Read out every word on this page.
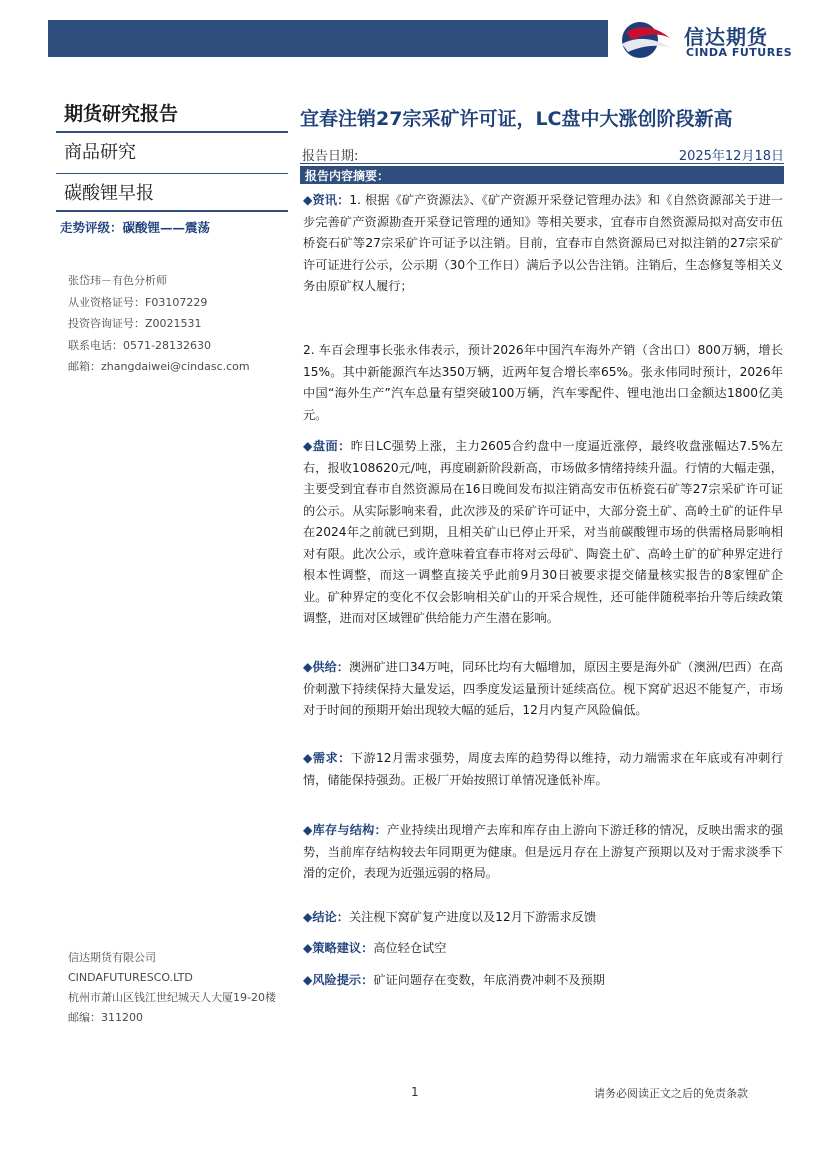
信达期货
CINDA FUTURES
期货研究报告
商品研究
碳酸锂早报
走势评级：碳酸锂——震荡
张岱玮－有色分析师
从业资格证号：F03107229
投资咨询证号：Z0021531
联系电话：0571-28132630
邮箱：zhangdaiwei@cindasc.com
信达期货有限公司
CINDAFUTURESCO.LTD
杭州市萧山区钱江世纪城天人大厦19-20楼
邮编：311200
宜春注销27宗采矿许可证，LC盘中大涨创阶段新高
报告日期:	2025年12月18日
报告内容摘要：

◆资讯：1. 根据《矿产资源法》、《矿产资源开采登记管理办法》和《自然资源部关于进一步完善矿产资源勘查开采登记管理的通知》等相关要求，宜春市自然资源局拟对高安市伍桥瓷石矿等27宗采矿许可证予以注销。目前，宜春市自然资源局已对拟注销的27宗采矿许可证进行公示，公示期（30个工作日）满后予以公告注销。注销后，生态修复等相关义务由原矿权人履行；

2. 车百会理事长张永伟表示，预计2026年中国汽车海外产销（含出口）800万辆，增长15%。其中新能源汽车达350万辆，近两年复合增长率65%。张永伟同时预计，2026年中国“海外生产”汽车总量有望突破100万辆，汽车零配件、锂电池出口金额达1800亿美元。

◆盘面：昨日LC强势上涨，主力2605合约盘中一度逼近涨停，最终收盘涨幅达7.5%左右，报收108620元/吨，再度刷新阶段新高，市场做多情绪持续升温。行情的大幅走强，主要受到宜春市自然资源局在16日晚间发布拟注销高安市伍桥瓷石矿等27宗采矿许可证的公示。从实际影响来看，此次涉及的采矿许可证中，大部分瓷土矿、高岭土矿的证件早在2024年之前就已到期，且相关矿山已停止开采，对当前碳酸锂市场的供需格局影响相对有限。此次公示，或许意味着宜春市将对云母矿、陶瓷土矿、高岭土矿的矿种界定进行根本性调整，而这一调整直接关乎此前9月30日被要求提交储量核实报告的8家锂矿企业。矿种界定的变化不仅会影响相关矿山的开采合规性，还可能伴随税率抬升等后续政策调整，进而对区域锂矿供给能力产生潜在影响。

◆供给：澳洲矿进口34万吨，同环比均有大幅增加，原因主要是海外矿（澳洲/巴西）在高价刺激下持续保持大量发运，四季度发运量预计延续高位。枧下窝矿迟迟不能复产，市场对于时间的预期开始出现较大幅的延后，12月内复产风险偏低。

◆需求：下游12月需求强势，周度去库的趋势得以维持，动力端需求在年底或有冲刺行情，储能保持强劲。正极厂开始按照订单情况逢低补库。

◆库存与结构：产业持续出现增产去库和库存由上游向下游迁移的情况，反映出需求的强势，当前库存结构较去年同期更为健康。但是远月存在上游复产预期以及对于需求淡季下滑的定价，表现为近强远弱的格局。

◆结论：关注枧下窝矿复产进度以及12月下游需求反馈

◆策略建议：高位轻仓试空

◆风险提示：矿证问题存在变数，年底消费冲刺不及预期

1	请务必阅读正文之后的免责条款
